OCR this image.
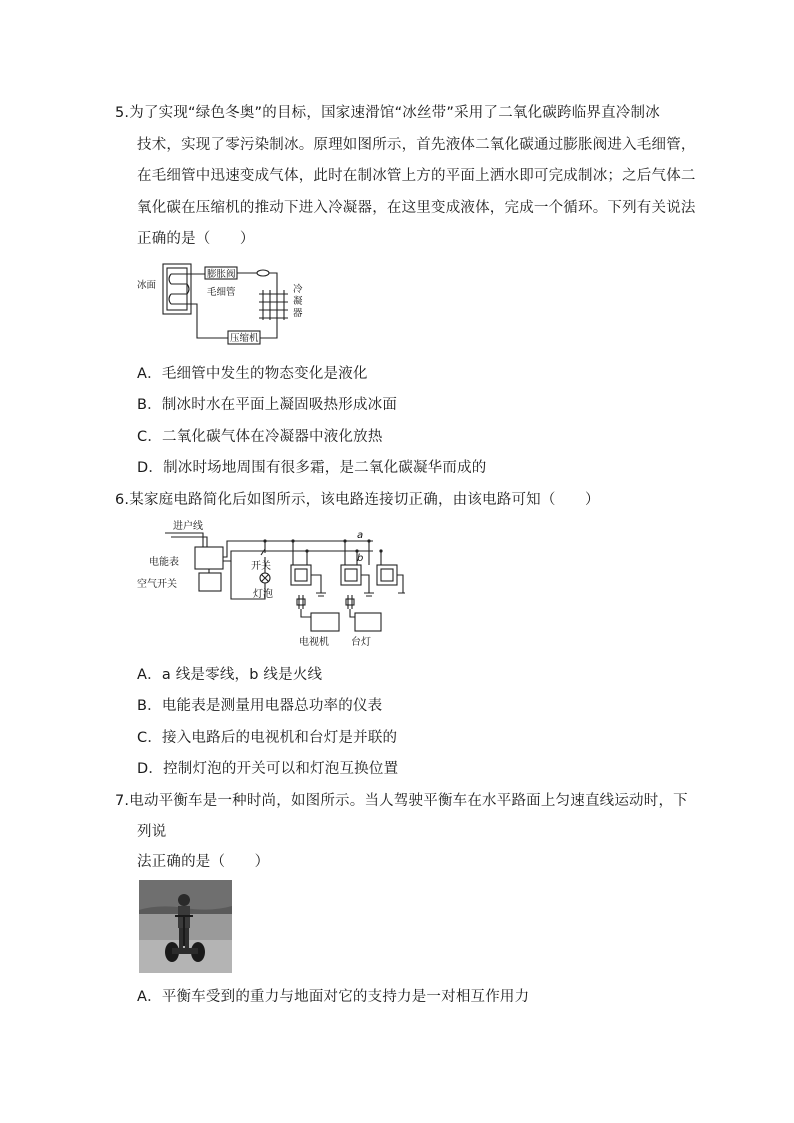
5.为了实现“绿色冬奥”的目标，国家速滑馆“冰丝带”采用了二氧化碳跨临界直冷制冰
技术，实现了零污染制冰。原理如图所示，首先液体二氧化碳通过膨胀阀进入毛细管，
在毛细管中迅速变成气体，此时在制冰管上方的平面上洒水即可完成制冰；之后气体二
氧化碳在压缩机的推动下进入冷凝器，在这里变成液体，完成一个循环。下列有关说法
正确的是（　　）
冰面
膨胀阀
毛细管	冷
凝
器
压缩机
A．毛细管中发生的物态变化是液化
B．制冰时水在平面上凝固吸热形成冰面
C．二氧化碳气体在冷凝器中液化放热
D．制冰时场地周围有很多霜，是二氧化碳凝华而成的
6.某家庭电路简化后如图所示，该电路连接切正确，由该电路可知（　　）
进户线
电能表
空气开关
开关
灯泡
a
b
电视机 台灯
A．a 线是零线，b 线是火线
B．电能表是测量用电器总功率的仪表
C．接入电路后的电视机和台灯是并联的
D．控制灯泡的开关可以和灯泡互换位置
7.电动平衡车是一种时尚，如图所示。当人驾驶平衡车在水平路面上匀速直线运动时，下
列说
法正确的是（　　）
A．平衡车受到的重力与地面对它的支持力是一对相互作用力
